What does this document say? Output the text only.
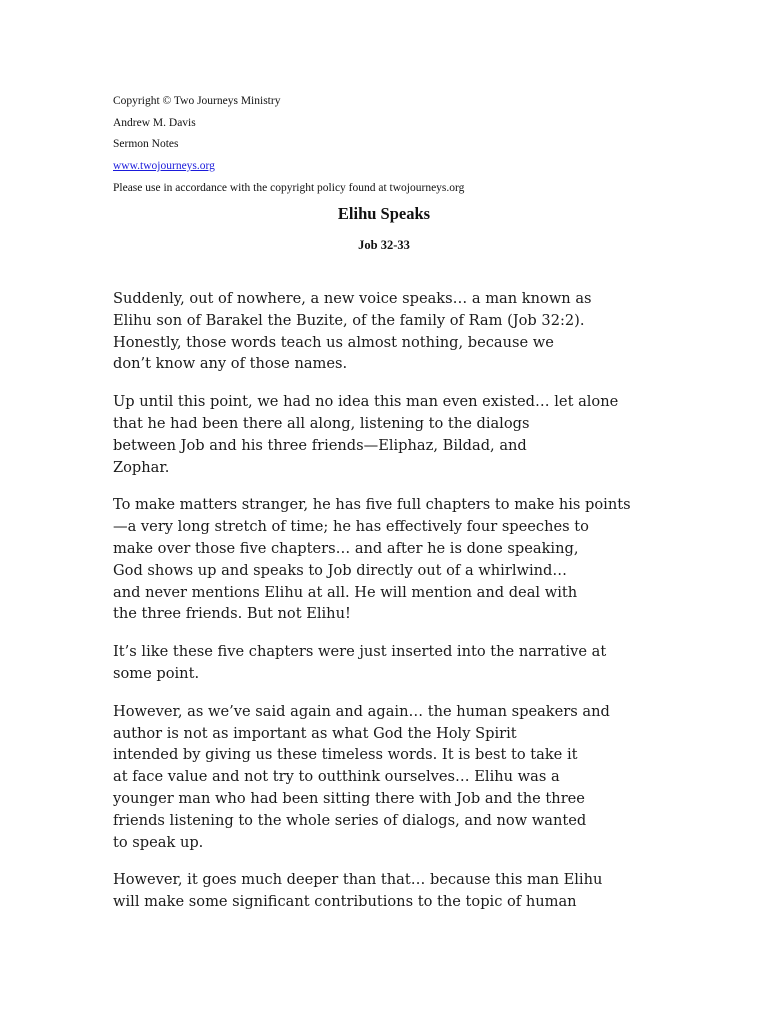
Copyright © Two Journeys Ministry
Andrew M. Davis
Sermon Notes
www.twojourneys.org
Please use in accordance with the copyright policy found at twojourneys.org
Elihu Speaks
Job 32-33

Suddenly, out of nowhere, a new voice speaks… a man known as
Elihu son of Barakel the Buzite, of the family of Ram (Job 32:2).
Honestly, those words teach us almost nothing, because we
don’t know any of those names.

Up until this point, we had no idea this man even existed… let alone
that he had been there all along, listening to the dialogs
between Job and his three friends—Eliphaz, Bildad, and
Zophar.

To make matters stranger, he has five full chapters to make his points
—a very long stretch of time; he has effectively four speeches to
make over those five chapters… and after he is done speaking,
God shows up and speaks to Job directly out of a whirlwind…
and never mentions Elihu at all. He will mention and deal with
the three friends. But not Elihu!

It’s like these five chapters were just inserted into the narrative at
some point.

However, as we’ve said again and again… the human speakers and
author is not as important as what God the Holy Spirit
intended by giving us these timeless words. It is best to take it
at face value and not try to outthink ourselves… Elihu was a
younger man who had been sitting there with Job and the three
friends listening to the whole series of dialogs, and now wanted
to speak up.

However, it goes much deeper than that… because this man Elihu
will make some significant contributions to the topic of human
